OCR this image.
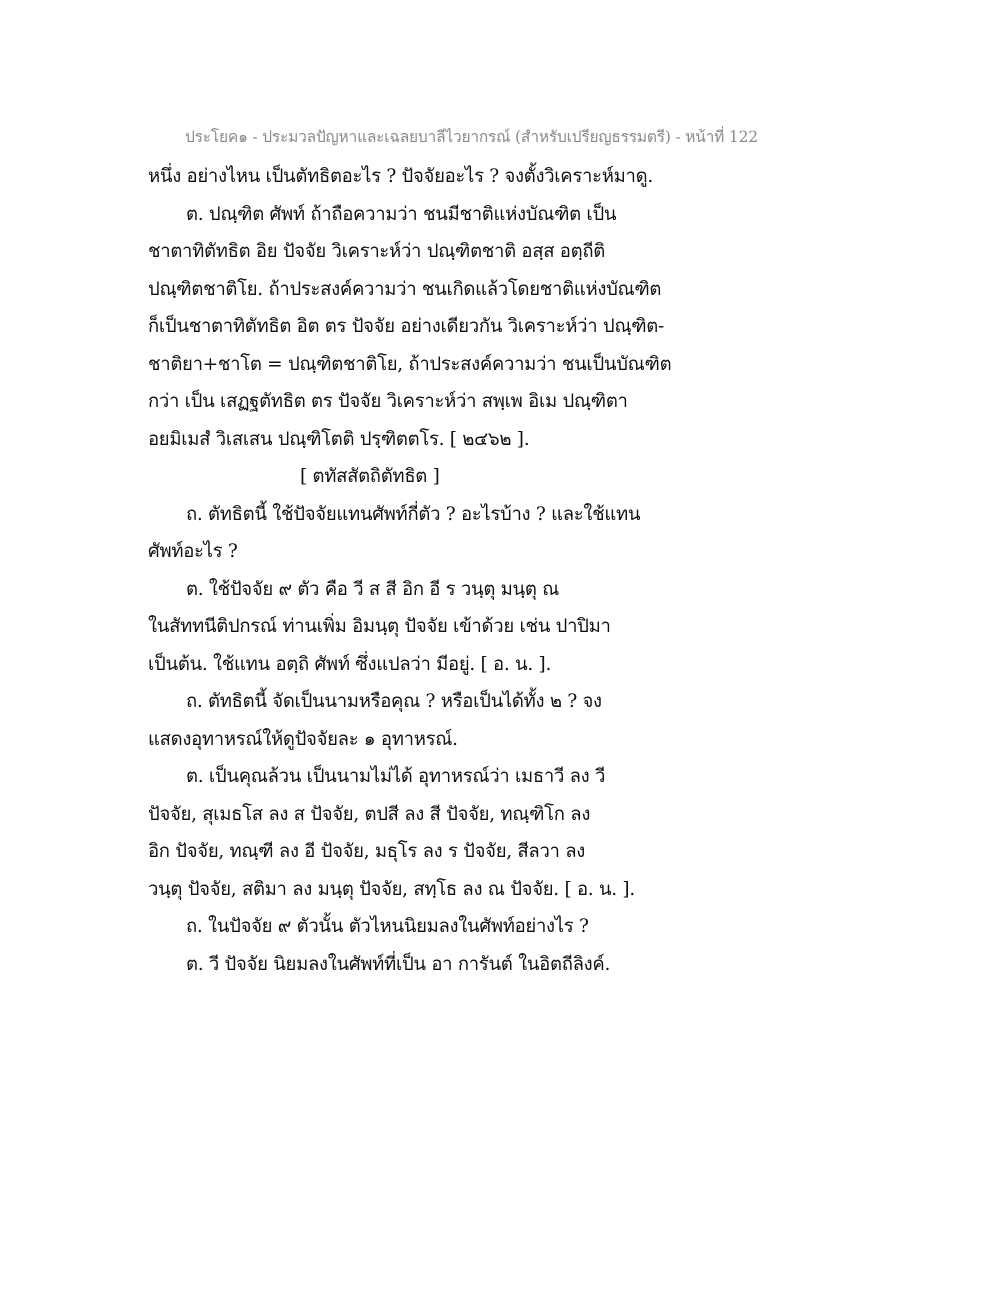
ประโยค๑ - ประมวลปัญหาและเฉลยบาลีไวยากรณ์ (สำหรับเปรียญธรรมตรี) - หน้าที่ 122
หนึ่ง อย่างไหน เป็นตัทธิตอะไร ? ปัจจัยอะไร ? จงตั้งวิเคราะห์มาดู.
ต. ปณฺฑิต ศัพท์ ถ้าถือความว่า ชนมีชาติแห่งบัณฑิต เป็น
ชาตาทิตัทธิต อิย ปัจจัย วิเคราะห์ว่า ปณฺฑิตชาติ อสฺส อตฺถีติ
ปณฺฑิตชาติโย. ถ้าประสงค์ความว่า ชนเกิดแล้วโดยชาติแห่งบัณฑิต
ก็เป็นชาตาทิตัทธิต อิต ตร ปัจจัย อย่างเดียวกัน วิเคราะห์ว่า ปณฺฑิต-
ชาติยา+ชาโต = ปณฺฑิตชาติโย, ถ้าประสงค์ความว่า ชนเป็นบัณฑิต
กว่า เป็น เสฏฐตัทธิต ตร ปัจจัย วิเคราะห์ว่า สพฺเพ อิเม ปณฺฑิตา
อยมิเมสํ วิเสเสน ปณฺฑิโตติ ปรฺฑิตตโร. [ ๒๔๖๒ ].
[ ตทัสสัตถิตัทธิต ]
ถ. ตัทธิตนี้ ใช้ปัจจัยแทนศัพท์กี่ตัว ? อะไรบ้าง ? และใช้แทน
ศัพท์อะไร ?
ต. ใช้ปัจจัย ๙ ตัว คือ วี ส สี อิก อี ร วนฺตุ มนฺตุ ณ
ในสัททนีติปกรณ์ ท่านเพิ่ม อิมนฺตุ ปัจจัย เข้าด้วย เช่น ปาปิมา
เป็นต้น. ใช้แทน อตฺถิ ศัพท์ ซึ่งแปลว่า มีอยู่. [ อ. น. ].
ถ. ตัทธิตนี้ จัดเป็นนามหรือคุณ ? หรือเป็นได้ทั้ง ๒ ? จง
แสดงอุทาหรณ์ให้ดูปัจจัยละ ๑ อุทาหรณ์.
ต. เป็นคุณล้วน เป็นนามไม่ได้ อุทาหรณ์ว่า เมธาวี ลง วี
ปัจจัย, สุเมธโส ลง ส ปัจจัย, ตปสี ลง สี ปัจจัย, ทณฺฑิโก ลง
อิก ปัจจัย, ทณฺฑี ลง อี ปัจจัย, มธุโร ลง ร ปัจจัย, สีลวา ลง
วนฺตุ ปัจจัย, สติมา ลง มนฺตุ ปัจจัย, สทฺโธ ลง ณ ปัจจัย. [ อ. น. ].
ถ. ในปัจจัย ๙ ตัวนั้น ตัวไหนนิยมลงในศัพท์อย่างไร ?
ต. วี ปัจจัย นิยมลงในศัพท์ที่เป็น อา การันต์ ในอิตถีลิงค์.
